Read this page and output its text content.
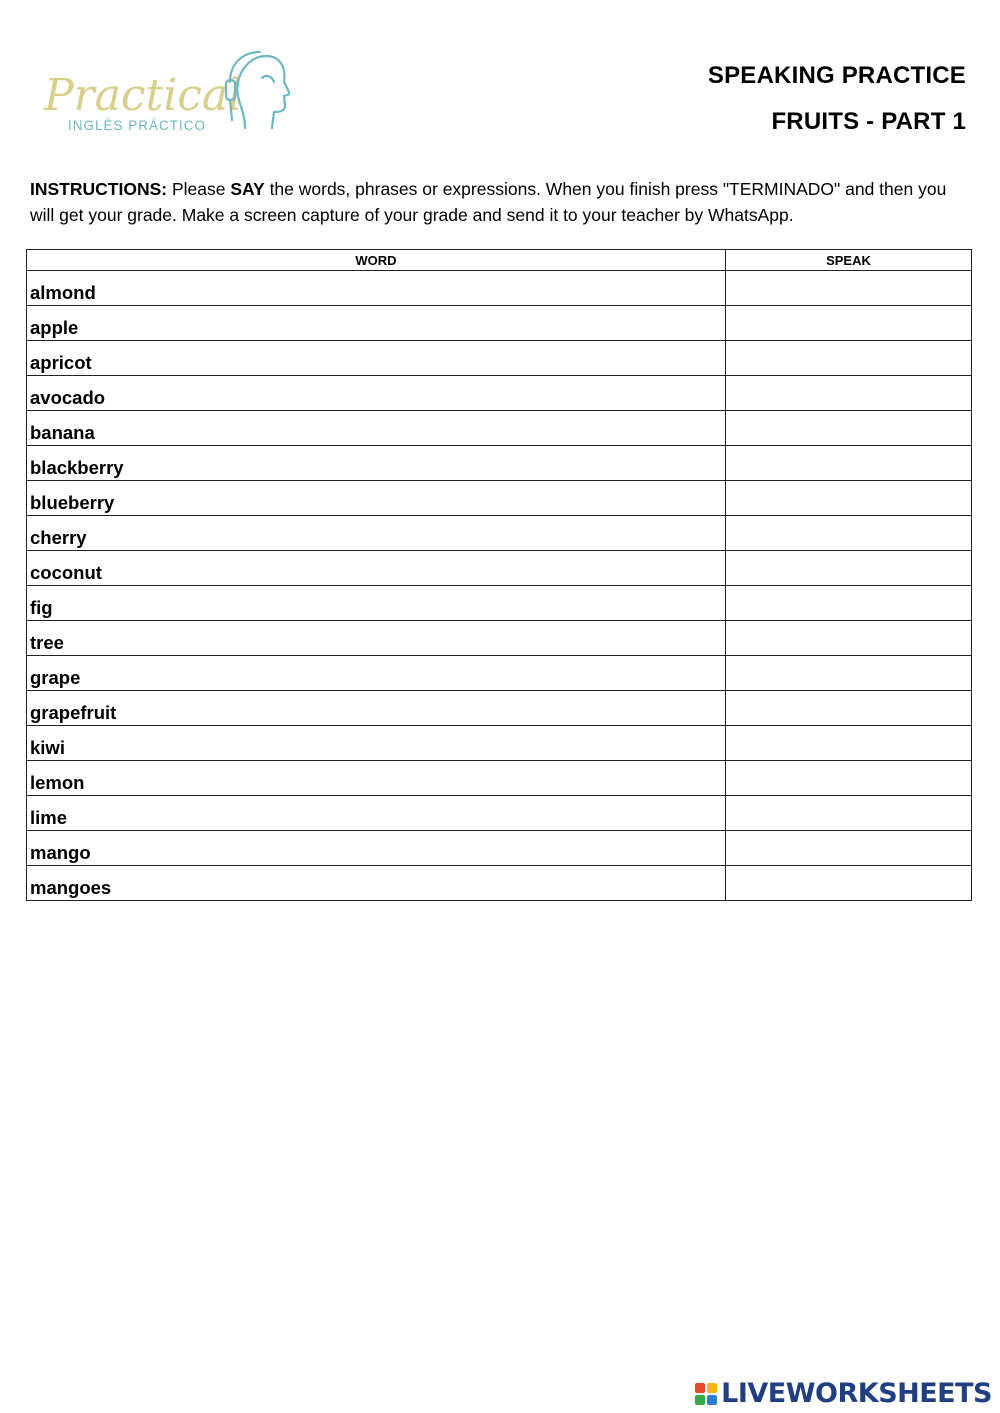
Practical
INGLÉS PRÁCTICO
SPEAKING PRACTICE
FRUITS - PART 1
INSTRUCTIONS: Please SAY the words, phrases or expressions. When you finish press "TERMINADO" and then you will get your grade. Make a screen capture of your grade and send it to your teacher by WhatsApp.
WORD	SPEAK
almond	
apple	
apricot	
avocado	
banana	
blackberry	
blueberry	
cherry	
coconut	
fig	
tree	
grape	
grapefruit	
kiwi	
lemon	
lime	
mango	
mangoes	
LIVEWORKSHEETS
